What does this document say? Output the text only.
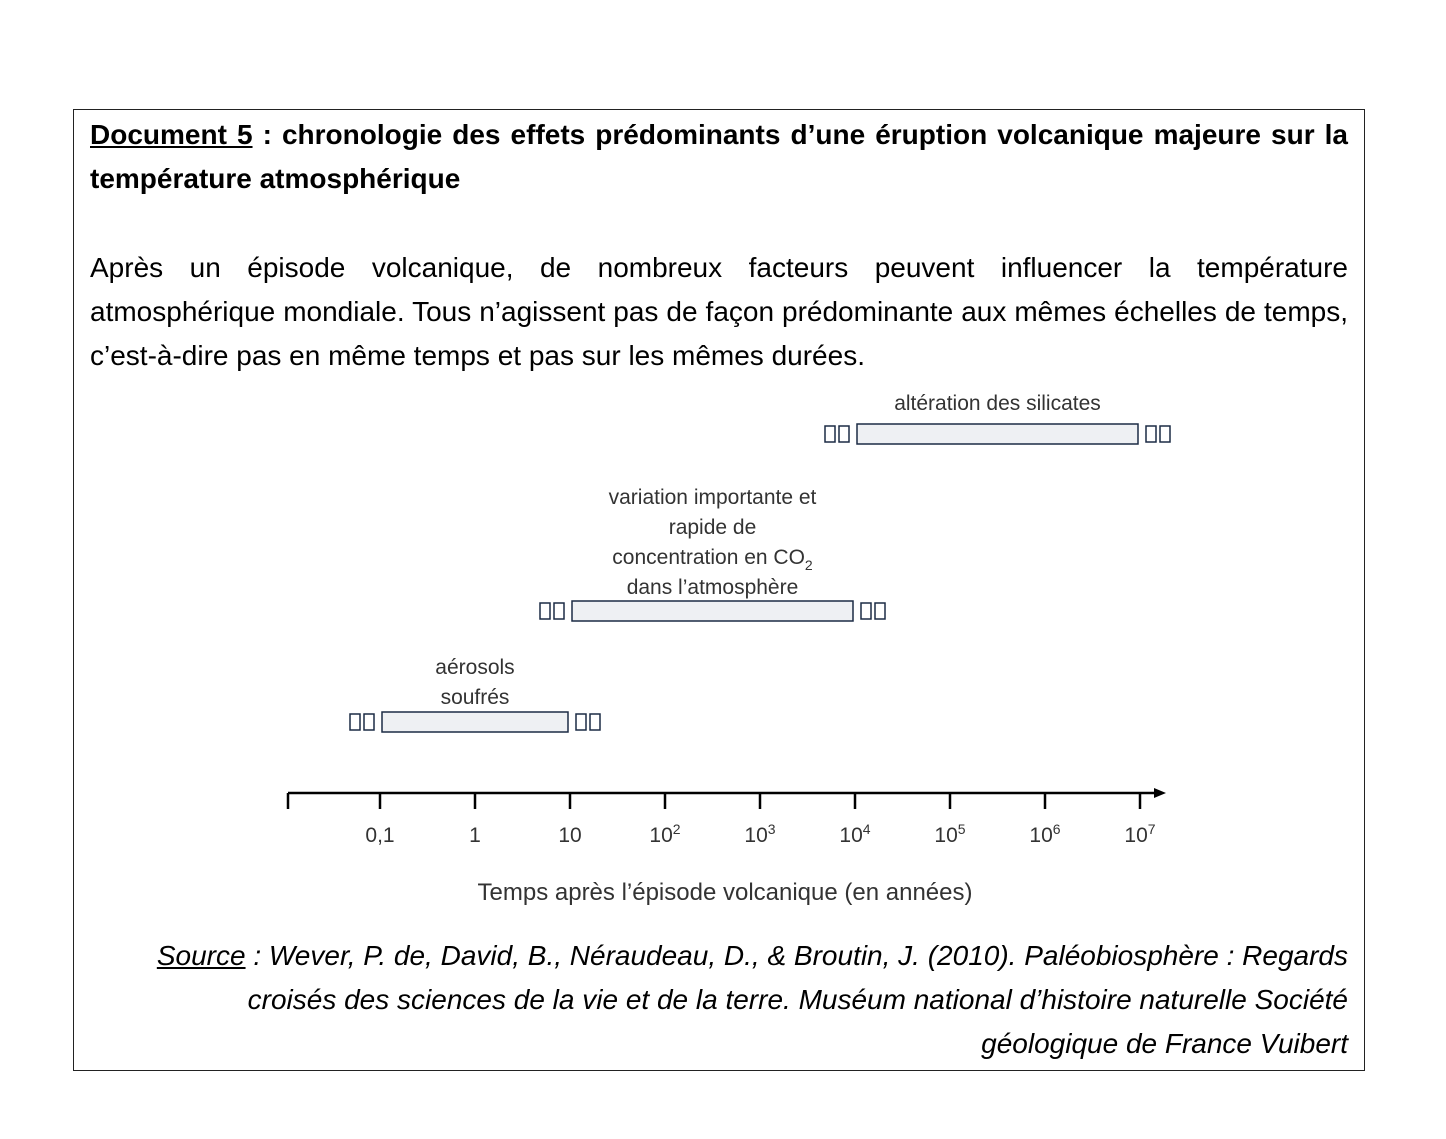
Document 5 : chronologie des effets prédominants d’une éruption volcanique majeure sur la température atmosphérique
Après un épisode volcanique, de nombreux facteurs peuvent influencer la température atmosphérique mondiale. Tous n’agissent pas de façon prédominante aux mêmes échelles de temps, c’est-à-dire pas en même temps et pas sur les mêmes durées.
0,1	1	10	$10^2$	$10^3$	$10^4$	$10^5$	$10^6$	$10^7$
Temps après l’épisode volcanique (en années)
aérosols
soufrés
variation importante et
rapide de
concentration en $CO_2$
dans l’atmosphère
altération des silicates
Source : Wever, P. de, David, B., Néraudeau, D., & Broutin, J. (2010). Paléobiosphère : Regards croisés des sciences de la vie et de la terre. Muséum national d’histoire naturelle Société géologique de France Vuibert
